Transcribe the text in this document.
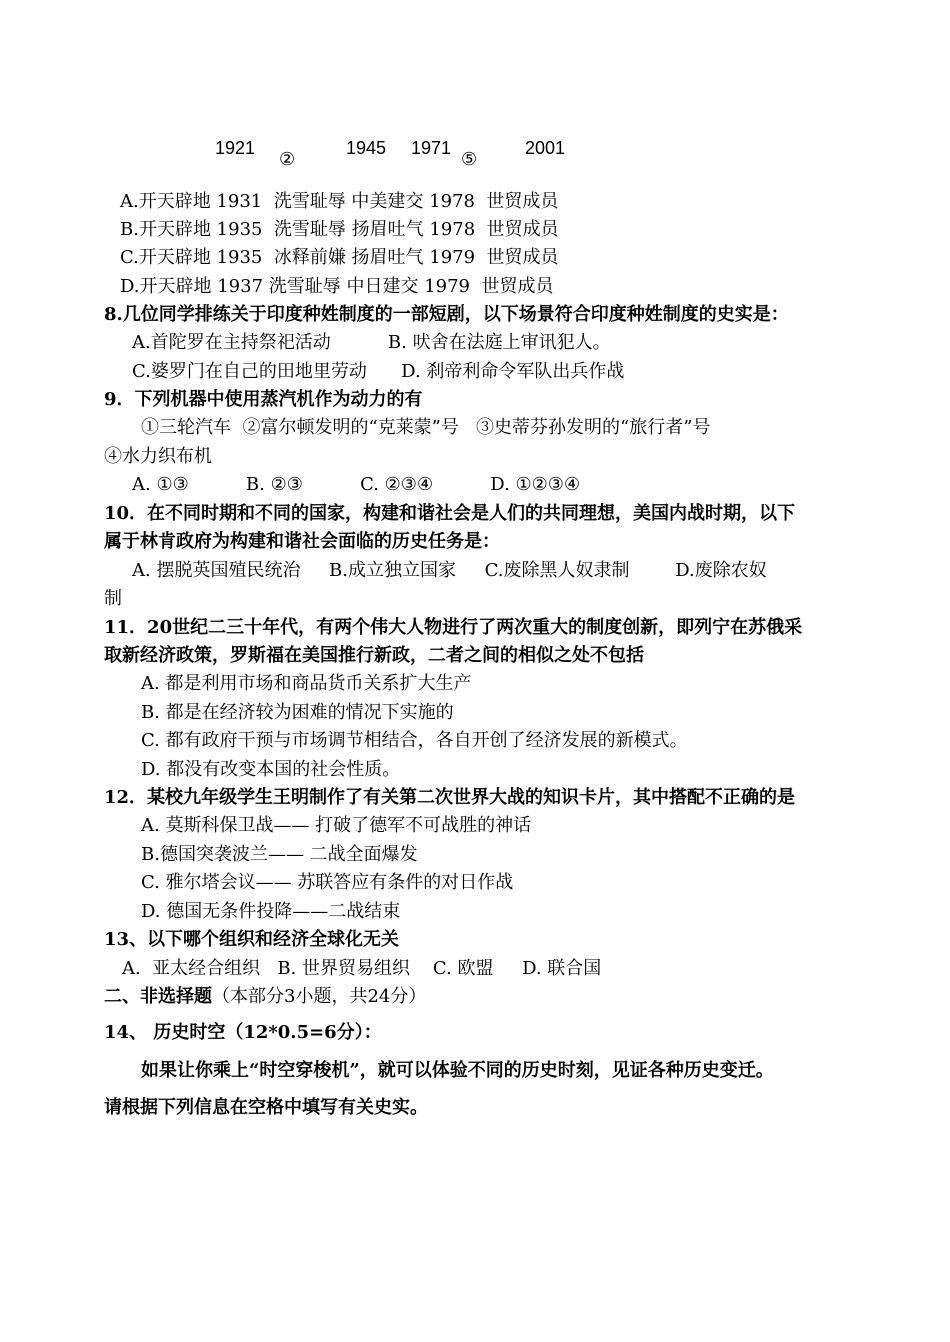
1921
②
1945 1971
⑤
2001
A.开天辟地 1931  洗雪耻辱 中美建交 1978  世贸成员
B.开天辟地 1935  洗雪耻辱 扬眉吐气 1978  世贸成员
C.开天辟地 1935  冰释前嫌 扬眉吐气 1979  世贸成员
D.开天辟地 1937 洗雪耻辱 中日建交 1979  世贸成员
8.几位同学排练关于印度种姓制度的一部短剧，以下场景符合印度种姓制度的史实是：
A.首陀罗在主持祭祀活动          B. 吠舍在法庭上审讯犯人。
C.婆罗门在自己的田地里劳动      D. 刹帝利命令军队出兵作战
9．下列机器中使用蒸汽机作为动力的有
①三轮汽车  ②富尔顿发明的“克莱蒙”号   ③史蒂芬孙发明的“旅行者”号
④水力织布机
A. ①③          B. ②③          C. ②③④          D. ①②③④
10．在不同时期和不同的国家，构建和谐社会是人们的共同理想，美国内战时期，以下
属于林肯政府为构建和谐社会面临的历史任务是：
A. 摆脱英国殖民统治     B.成立独立国家     C.废除黑人奴隶制        D.废除农奴
制
11．20世纪二三十年代，有两个伟大人物进行了两次重大的制度创新，即列宁在苏俄采
取新经济政策，罗斯福在美国推行新政，二者之间的相似之处不包括
A. 都是利用市场和商品货币关系扩大生产
B. 都是在经济较为困难的情况下实施的
C. 都有政府干预与市场调节相结合，各自开创了经济发展的新模式。
D. 都没有改变本国的社会性质。
12．某校九年级学生王明制作了有关第二次世界大战的知识卡片，其中搭配不正确的是
A. 莫斯科保卫战—— 打破了德军不可战胜的神话
B.德国突袭波兰—— 二战全面爆发
C. 雅尔塔会议—— 苏联答应有条件的对日作战
D. 德国无条件投降——二战结束
13、以下哪个组织和经济全球化无关
A.  亚太经合组织   B. 世界贸易组织    C. 欧盟     D. 联合国
二、非选择题（本部分3小题，共24分）
14、 历史时空（12*0.5=6分）：
如果让你乘上“时空穿梭机”，就可以体验不同的历史时刻，见证各种历史变迁。
请根据下列信息在空格中填写有关史实。
